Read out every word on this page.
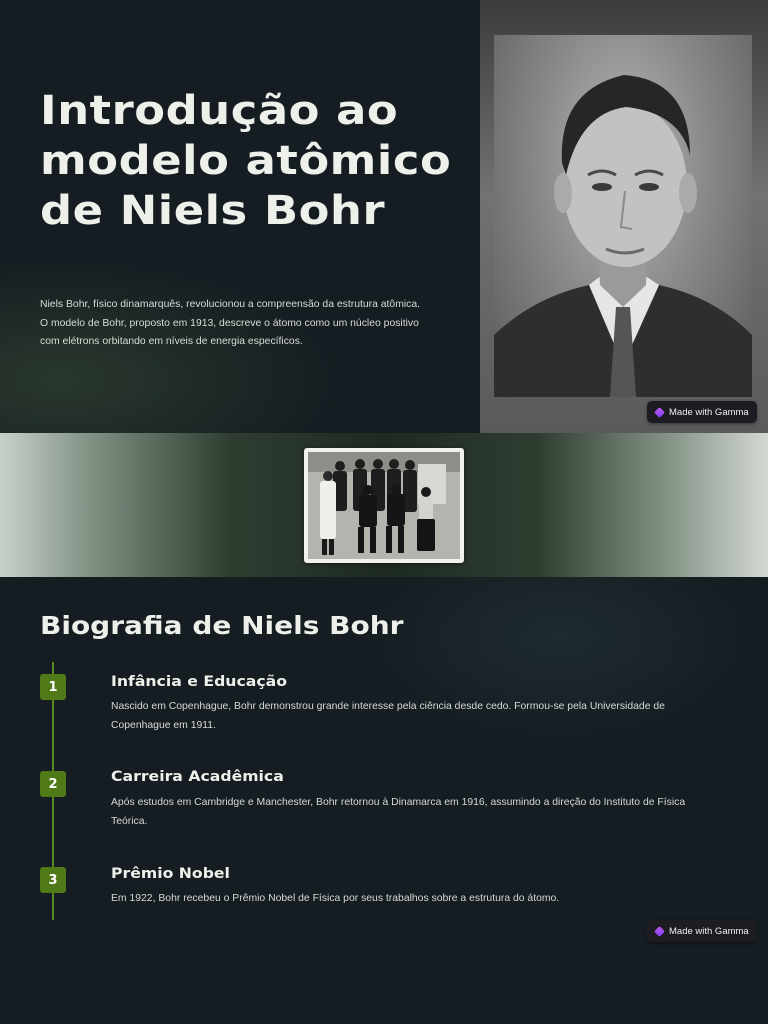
Introdução ao modelo atômico de Niels Bohr

Niels Bohr, físico dinamarquês, revolucionou a compreensão da estrutura atômica. O modelo de Bohr, proposto em 1913, descreve o átomo como um núcleo positivo com elétrons orbitando em níveis de energia específicos.

Made with Gamma
Biografia de Niels Bohr
1	Infância e Educação

Nascido em Copenhague, Bohr demonstrou grande interesse pela ciência desde cedo. Formou-se pela Universidade de Copenhague em 1911.

2	Carreira Acadêmica

Após estudos em Cambridge e Manchester, Bohr retornou à Dinamarca em 1916, assumindo a direção do Instituto de Física Teórica.

3	Prêmio Nobel

Em 1922, Bohr recebeu o Prêmio Nobel de Física por seus trabalhos sobre a estrutura do átomo.

Made with Gamma
